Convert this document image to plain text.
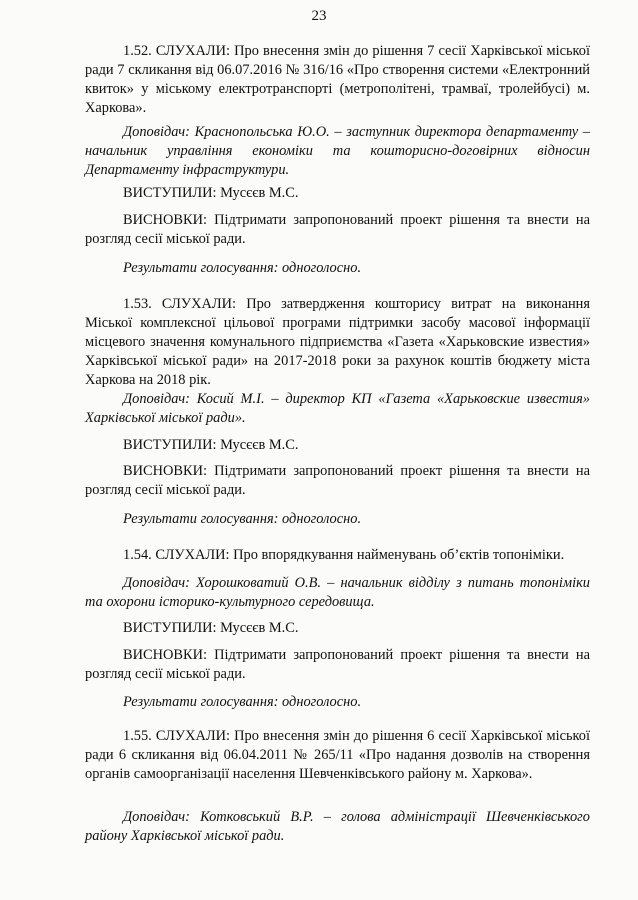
23

1.52. СЛУХАЛИ: Про внесення змін до рішення 7 сесії Харківської міської ради 7 скликання від 06.07.2016 № 316/16 «Про створення системи «Електронний квиток» у міському електротранспорті (метрополітені, трамваї, тролейбусі) м. Харкова».

Доповідач: Краснопольська Ю.О. – заступник директора департаменту – начальник управління економіки та кошторисно-договірних відносин Департаменту інфраструктури.

ВИСТУПИЛИ: Мусєєв М.С.

ВИСНОВКИ: Підтримати запропонований проект рішення та внести на розгляд сесії міської ради.

Результати голосування: одноголосно.

1.53. СЛУХАЛИ: Про затвердження кошторису витрат на виконання Міської комплексної цільової програми підтримки засобу масової інформації місцевого значення комунального підприємства «Газета «Харьковские известия» Харківської міської ради» на 2017-2018 роки за рахунок коштів бюджету міста Харкова на 2018 рік.

Доповідач: Косий М.І. – директор КП «Газета «Харьковские известия» Харківської міської ради».

ВИСТУПИЛИ: Мусєєв М.С.

ВИСНОВКИ: Підтримати запропонований проект рішення та внести на розгляд сесії міської ради.

Результати голосування: одноголосно.

1.54. СЛУХАЛИ: Про впорядкування найменувань об’єктів топоніміки.

Доповідач: Хорошковатий О.В. – начальник відділу з питань топоніміки та охорони історико-культурного середовища.

ВИСТУПИЛИ: Мусєєв М.С.

ВИСНОВКИ: Підтримати запропонований проект рішення та внести на розгляд сесії міської ради.

Результати голосування: одноголосно.

1.55. СЛУХАЛИ: Про внесення змін до рішення 6 сесії Харківської міської ради 6 скликання від 06.04.2011 № 265/11 «Про надання дозволів на створення органів самоорганізації населення Шевченківського району м. Харкова».

Доповідач: Котковський В.Р. – голова адміністрації Шевченківського району Харківської міської ради.
